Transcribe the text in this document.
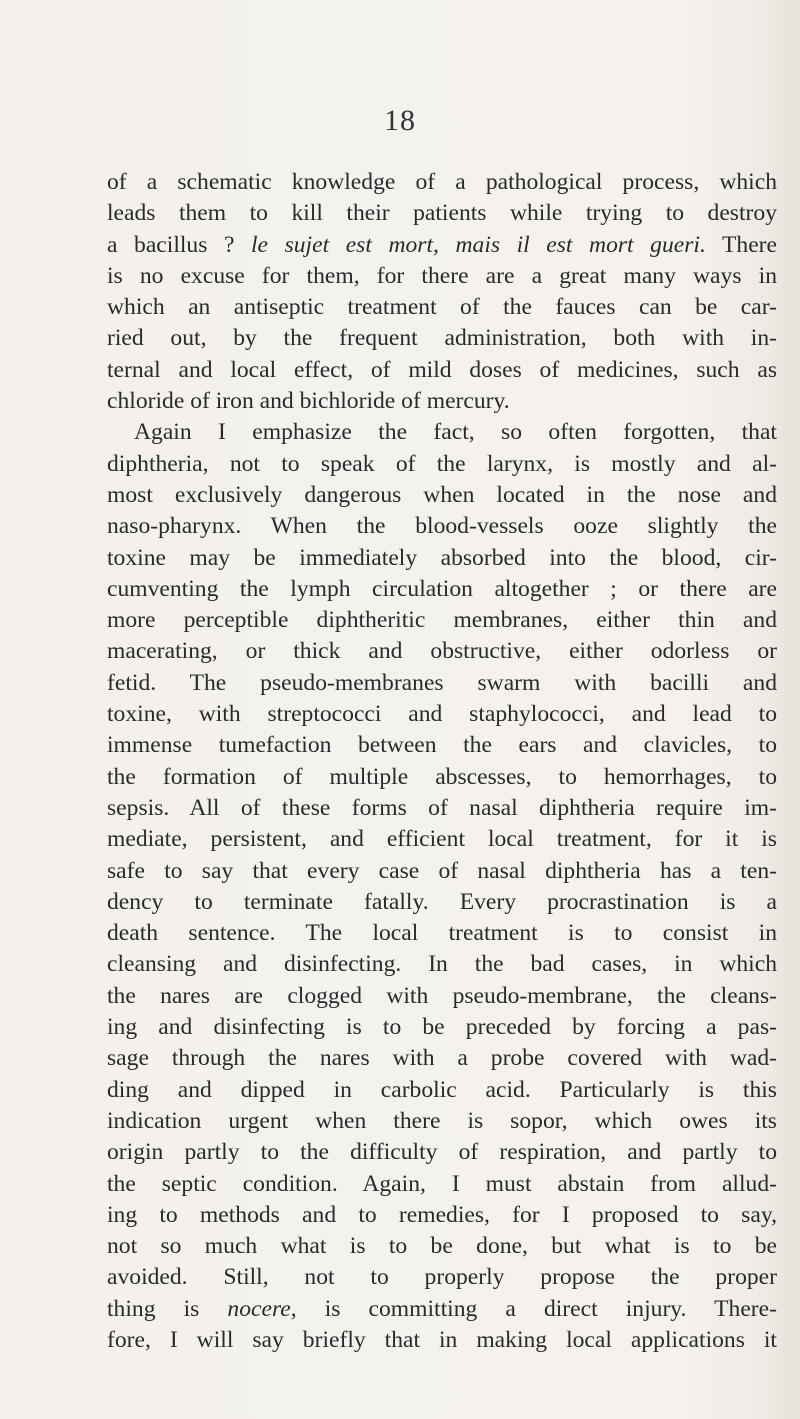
18
of a schematic knowledge of a pathological process, which
leads them to kill their patients while trying to destroy
a bacillus ? le sujet est mort, mais il est mort gueri. There
is no excuse for them, for there are a great many ways in
which an antiseptic treatment of the fauces can be car-
ried out, by the frequent administration, both with in-
ternal and local effect, of mild doses of medicines, such as
chloride of iron and bichloride of mercury.
Again I emphasize the fact, so often forgotten, that
diphtheria, not to speak of the larynx, is mostly and al-
most exclusively dangerous when located in the nose and
naso-pharynx. When the blood-vessels ooze slightly the
toxine may be immediately absorbed into the blood, cir-
cumventing the lymph circulation altogether ; or there are
more perceptible diphtheritic membranes, either thin and
macerating, or thick and obstructive, either odorless or
fetid. The pseudo-membranes swarm with bacilli and
toxine, with streptococci and staphylococci, and lead to
immense tumefaction between the ears and clavicles, to
the formation of multiple abscesses, to hemorrhages, to
sepsis. All of these forms of nasal diphtheria require im-
mediate, persistent, and efficient local treatment, for it is
safe to say that every case of nasal diphtheria has a ten-
dency to terminate fatally. Every procrastination is a
death sentence. The local treatment is to consist in
cleansing and disinfecting. In the bad cases, in which
the nares are clogged with pseudo-membrane, the cleans-
ing and disinfecting is to be preceded by forcing a pas-
sage through the nares with a probe covered with wad-
ding and dipped in carbolic acid. Particularly is this
indication urgent when there is sopor, which owes its
origin partly to the difficulty of respiration, and partly to
the septic condition. Again, I must abstain from allud-
ing to methods and to remedies, for I proposed to say,
not so much what is to be done, but what is to be
avoided. Still, not to properly propose the proper
thing is nocere, is committing a direct injury. There-
fore, I will say briefly that in making local applications it
